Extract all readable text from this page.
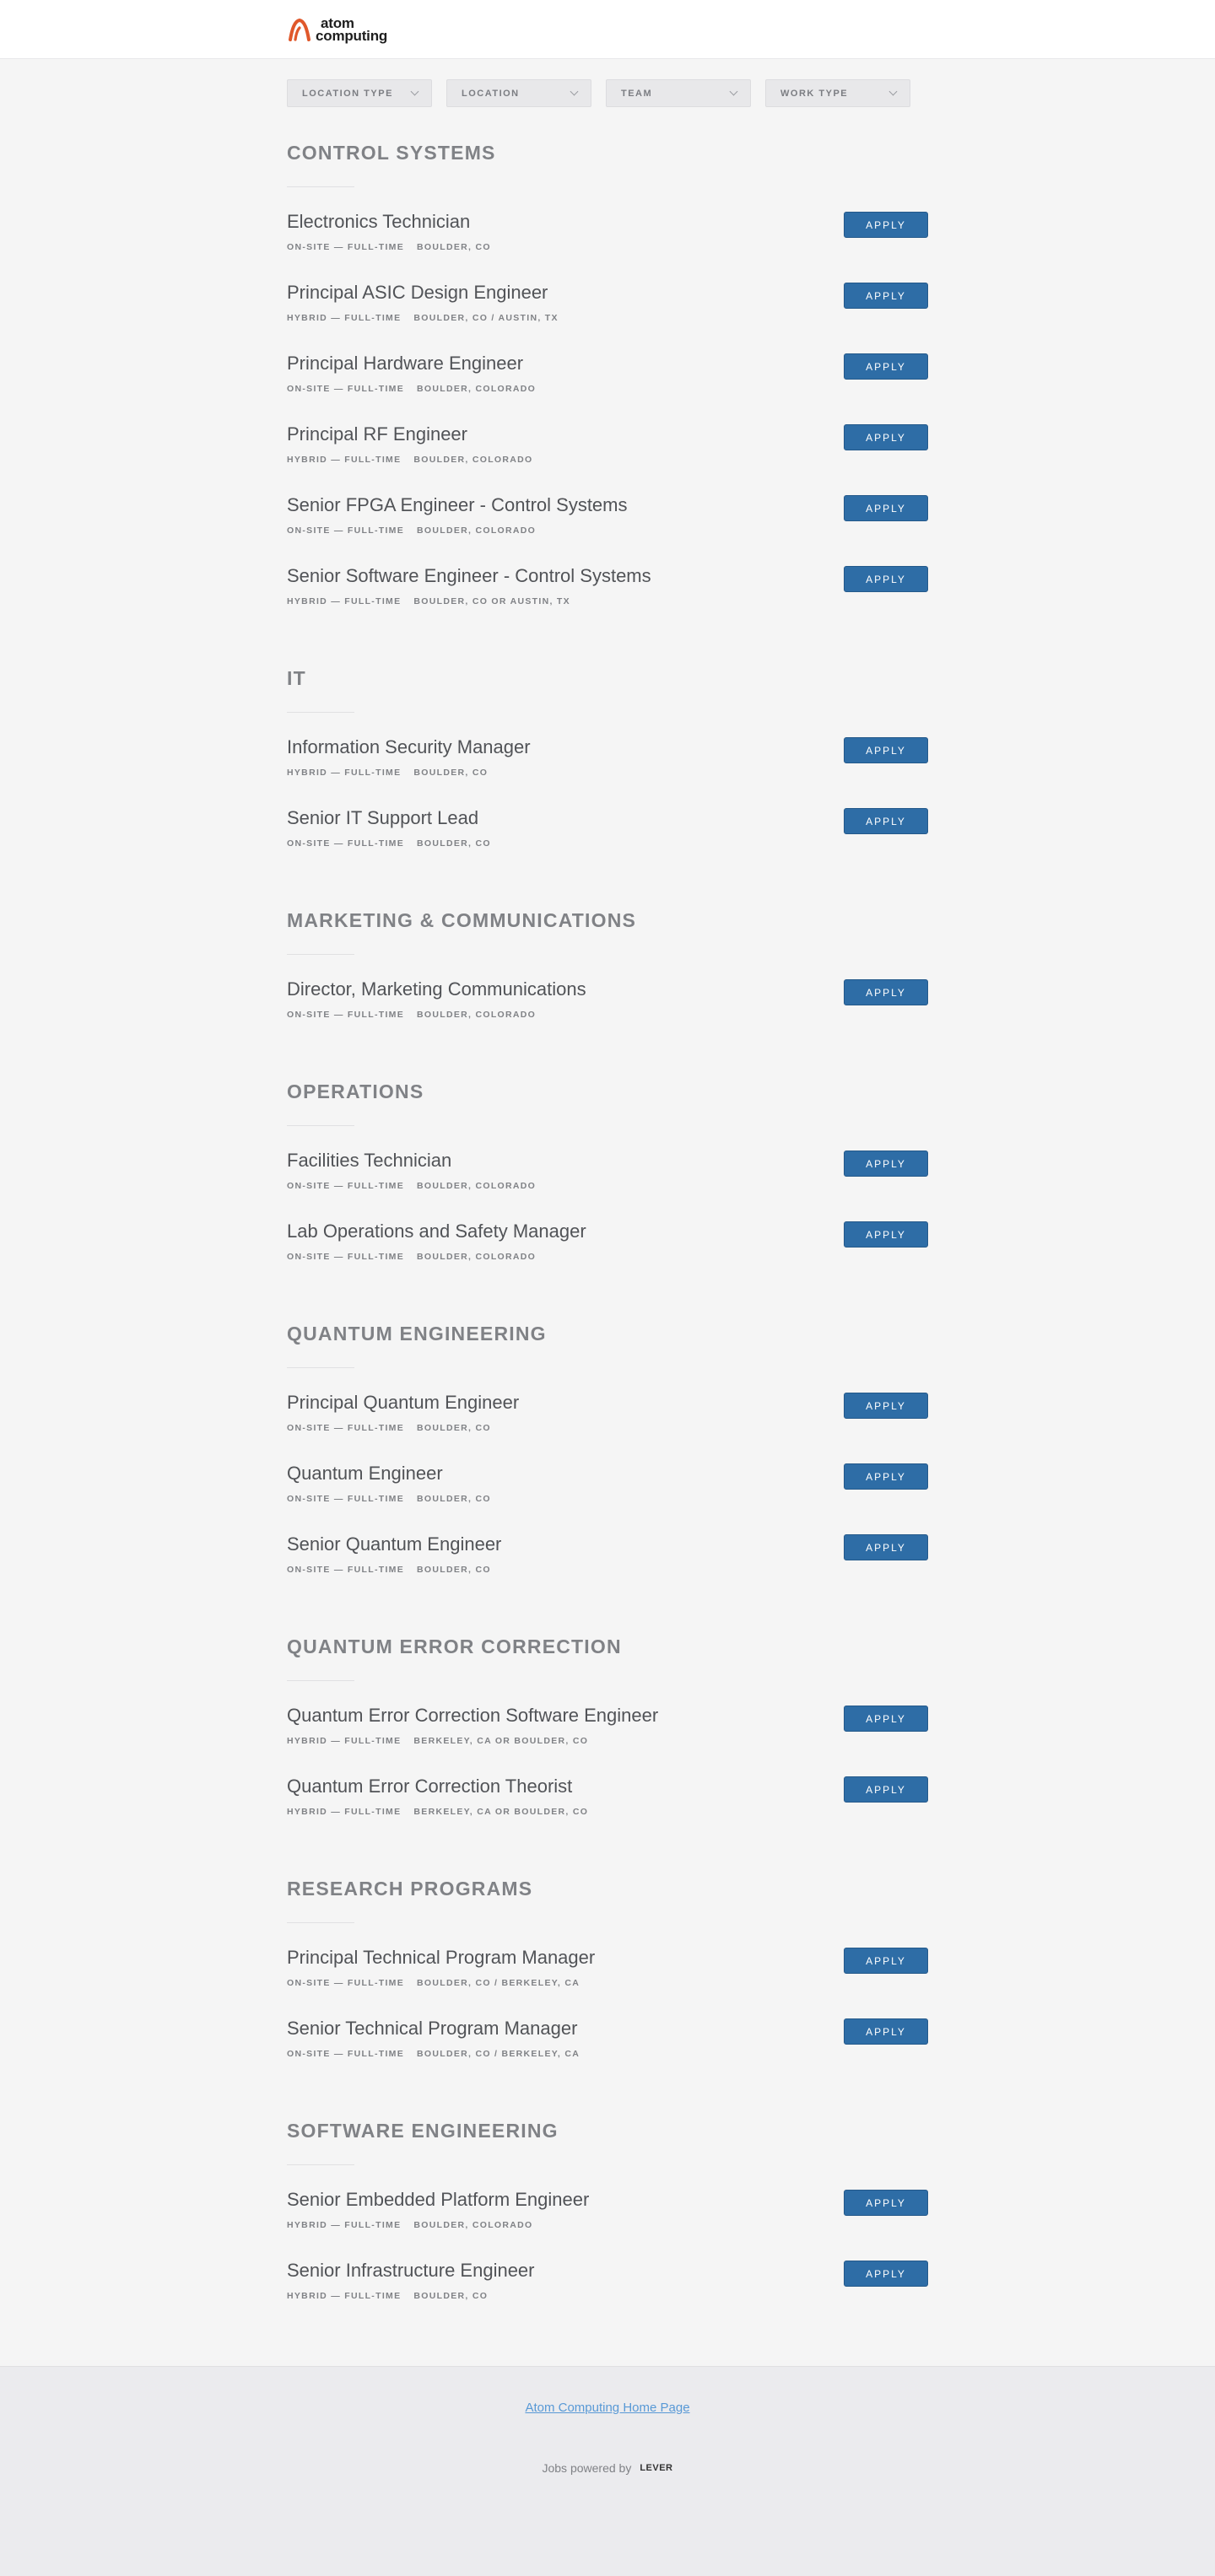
atom
computing
LOCATION TYPE	LOCATION	TEAM	WORK TYPE
CONTROL SYSTEMS
Electronics Technician
ON-SITE — FULL-TIME BOULDER, CO
APPLY
Principal ASIC Design Engineer
HYBRID — FULL-TIME BOULDER, CO / AUSTIN, TX
APPLY
Principal Hardware Engineer
ON-SITE — FULL-TIME BOULDER, COLORADO
APPLY
Principal RF Engineer
HYBRID — FULL-TIME BOULDER, COLORADO
APPLY
Senior FPGA Engineer - Control Systems
ON-SITE — FULL-TIME BOULDER, COLORADO
APPLY
Senior Software Engineer - Control Systems
HYBRID — FULL-TIME BOULDER, CO OR AUSTIN, TX
APPLY
IT
Information Security Manager
HYBRID — FULL-TIME BOULDER, CO
APPLY
Senior IT Support Lead
ON-SITE — FULL-TIME BOULDER, CO
APPLY
MARKETING & COMMUNICATIONS
Director, Marketing Communications
ON-SITE — FULL-TIME BOULDER, COLORADO
APPLY
OPERATIONS
Facilities Technician
ON-SITE — FULL-TIME BOULDER, COLORADO
APPLY
Lab Operations and Safety Manager
ON-SITE — FULL-TIME BOULDER, COLORADO
APPLY
QUANTUM ENGINEERING
Principal Quantum Engineer
ON-SITE — FULL-TIME BOULDER, CO
APPLY
Quantum Engineer
ON-SITE — FULL-TIME BOULDER, CO
APPLY
Senior Quantum Engineer
ON-SITE — FULL-TIME BOULDER, CO
APPLY
QUANTUM ERROR CORRECTION
Quantum Error Correction Software Engineer
HYBRID — FULL-TIME BERKELEY, CA OR BOULDER, CO
APPLY
Quantum Error Correction Theorist
HYBRID — FULL-TIME BERKELEY, CA OR BOULDER, CO
APPLY
RESEARCH PROGRAMS
Principal Technical Program Manager
ON-SITE — FULL-TIME BOULDER, CO / BERKELEY, CA
APPLY
Senior Technical Program Manager
ON-SITE — FULL-TIME BOULDER, CO / BERKELEY, CA
APPLY
SOFTWARE ENGINEERING
Senior Embedded Platform Engineer
HYBRID — FULL-TIME BOULDER, COLORADO
APPLY
Senior Infrastructure Engineer
HYBRID — FULL-TIME BOULDER, CO
APPLY
Atom Computing Home Page
Jobs powered by LEVER
